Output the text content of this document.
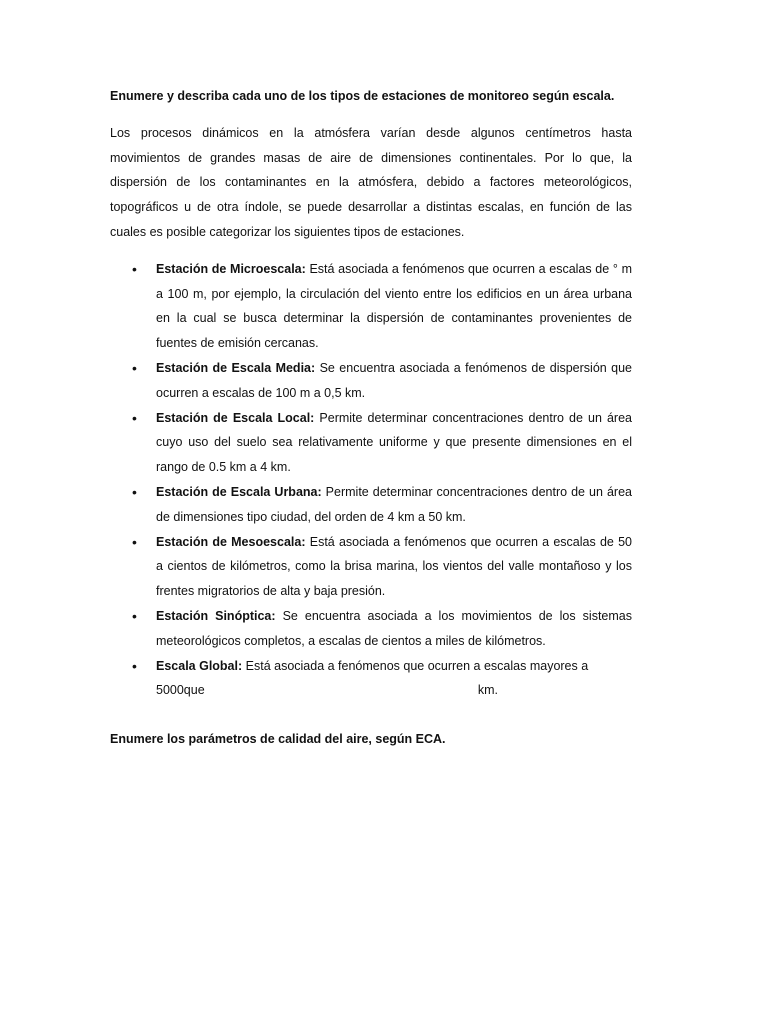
Enumere y describa cada uno de los tipos de estaciones de monitoreo según escala.

Los procesos dinámicos en la atmósfera varían desde algunos centímetros hasta movimientos de grandes masas de aire de dimensiones continentales. Por lo que, la dispersión de los contaminantes en la atmósfera, debido a factores meteorológicos, topográficos u de otra índole, se puede desarrollar a distintas escalas, en función de las cuales es posible categorizar los siguientes tipos de estaciones.

• Estación de Microescala: Está asociada a fenómenos que ocurren a escalas de ° m a 100 m, por ejemplo, la circulación del viento entre los edificios en un área urbana en la cual se busca determinar la dispersión de contaminantes provenientes de fuentes de emisión cercanas.
• Estación de Escala Media: Se encuentra asociada a fenómenos de dispersión que ocurren a escalas de 100 m a 0,5 km.
• Estación de Escala Local: Permite determinar concentraciones dentro de un área cuyo uso del suelo sea relativamente uniforme y que presente dimensiones en el rango de 0.5 km a 4 km.
• Estación de Escala Urbana: Permite determinar concentraciones dentro de un área de dimensiones tipo ciudad, del orden de 4 km a 50 km.
• Estación de Mesoescala: Está asociada a fenómenos que ocurren a escalas de 50 a cientos de kilómetros, como la brisa marina, los vientos del valle montañoso y los frentes migratorios de alta y baja presión.
• Estación Sinóptica: Se encuentra asociada a los movimientos de los sistemas meteorológicos completos, a escalas de cientos a miles de kilómetros.
• Escala Global: Está asociada a fenómenos que ocurren a escalas mayores a
5000que	km.

Enumere los parámetros de calidad del aire, según ECA.
